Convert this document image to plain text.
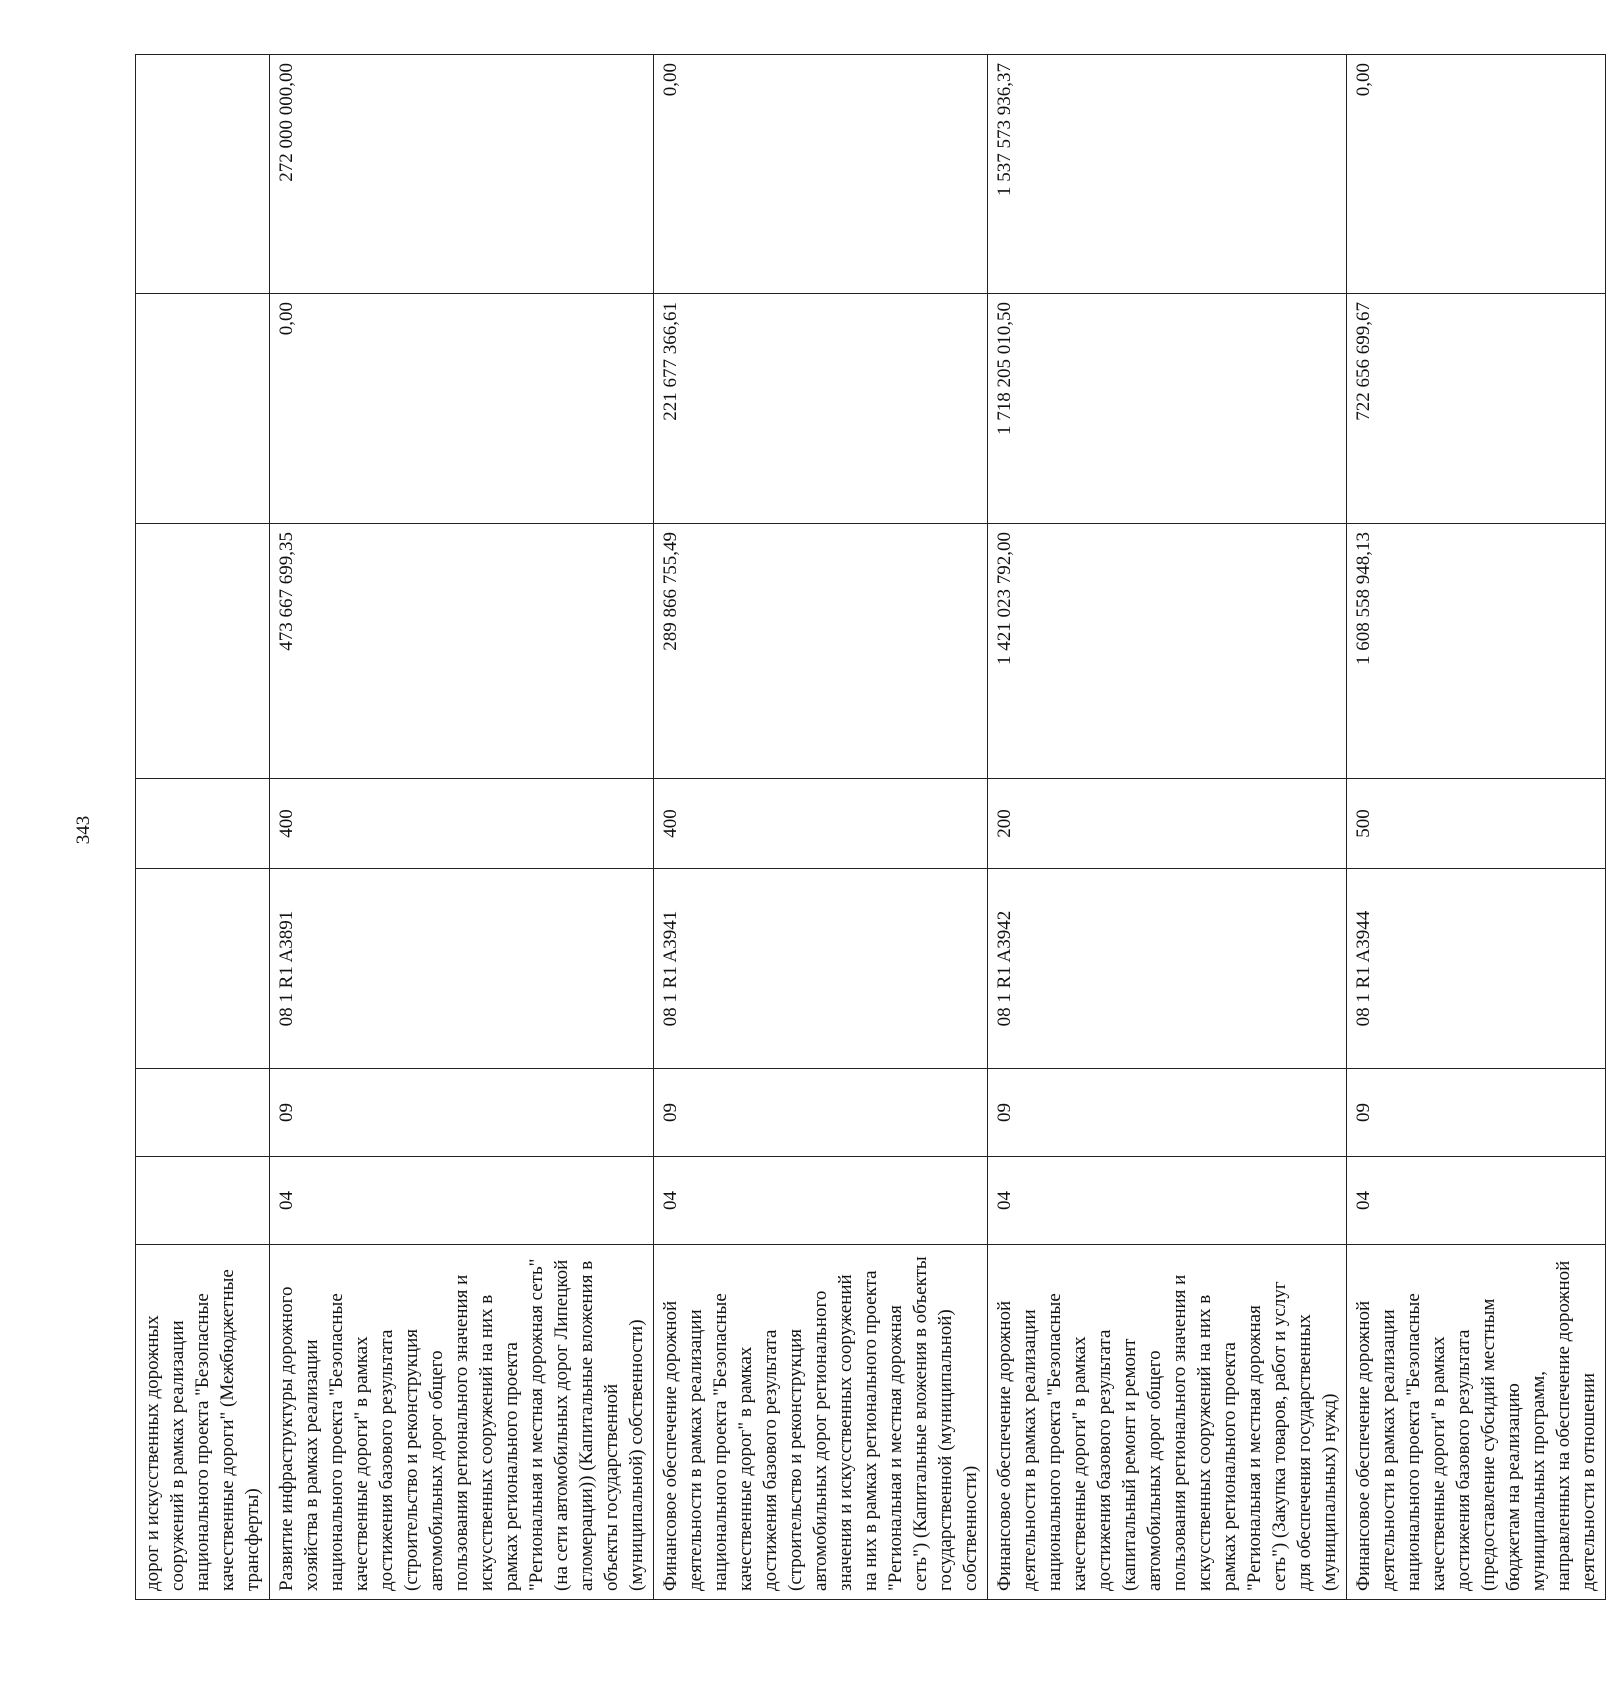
343
дорог и искусственных дорожных сооружений в рамках реализации национального проекта "Безопасные качественные дороги" (Межбюджетные трансферты)							
Развитие инфраструктуры дорожного хозяйства в рамках реализации национального проекта "Безопасные качественные дороги" в рамках достижения базового результата (строительство и реконструкция автомобильных дорог общего пользования регионального значения и искусственных сооружений на них в рамках регионального проекта "Региональная и местная дорожная сеть" (на сети автомобильных дорог Липецкой агломерации)) (Капитальные вложения в объекты государственной (муниципальной) собственности)	04	09	08 1 R1 A3891	400	473 667 699,35	0,00	272 000 000,00
Финансовое обеспечение дорожной деятельности в рамках реализации национального проекта "Безопасные качественные дорог" в рамках достижения базового результата (строительство и реконструкция автомобильных дорог регионального значения и искусственных сооружений на них в рамках регионального проекта "Региональная и местная дорожная сеть") (Капитальные вложения в объекты государственной (муниципальной) собственности)	04	09	08 1 R1 A3941	400	289 866 755,49	221 677 366,61	0,00
Финансовое обеспечение дорожной деятельности в рамках реализации национального проекта "Безопасные качественные дороги" в рамках достижения базового результата (капитальный ремонт и ремонт автомобильных дорог общего пользования регионального значения и искусственных сооружений на них в рамках регионального проекта "Региональная и местная дорожная сеть") (Закупка товаров, работ и услуг для обеспечения государственных (муниципальных) нужд)	04	09	08 1 R1 A3942	200	1 421 023 792,00	1 718 205 010,50	1 537 573 936,37
Финансовое обеспечение дорожной деятельности в рамках реализации национального проекта "Безопасные качественные дороги" в рамках достижения базового результата (предоставление субсидий местным бюджетам на реализацию муниципальных программ, направленных на обеспечение дорожной деятельности в отношении	04	09	08 1 R1 A3944	500	1 608 558 948,13	722 656 699,67	0,00
